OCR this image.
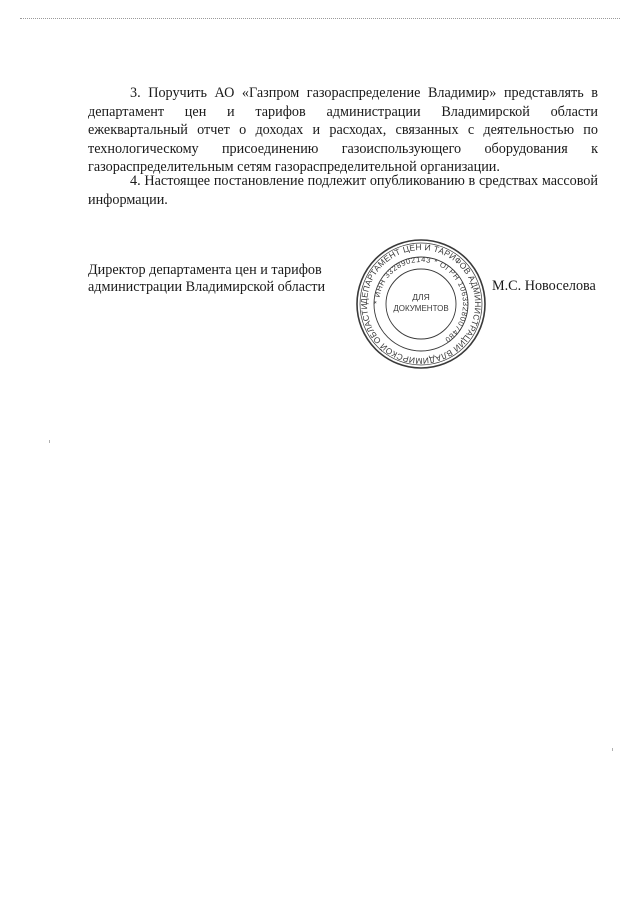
3. Поручить АО «Газпром газораспределение Владимир» представлять в департамент цен и тарифов администрации Владимирской области ежеквартальный отчет о доходах и расходах, связанных с деятельностью по технологическому присоединению газоиспользующего оборудования к газораспределительным сетям газораспределительной организации.

4. Настоящее постановление подлежит опубликованию в средствах массовой информации.

Директор департамента цен и тарифов
администрации Владимирской области
ДЕПАРТАМЕНТ ЦЕН И ТАРИФОВ АДМИНИСТРАЦИИ ВЛАДИМИРСКОЙ ОБЛАСТИ
* ИНН 3328902143 * ОГРН 1063328007480
ДЛЯ
ДОКУМЕНТОВ
М.С. Новоселова
